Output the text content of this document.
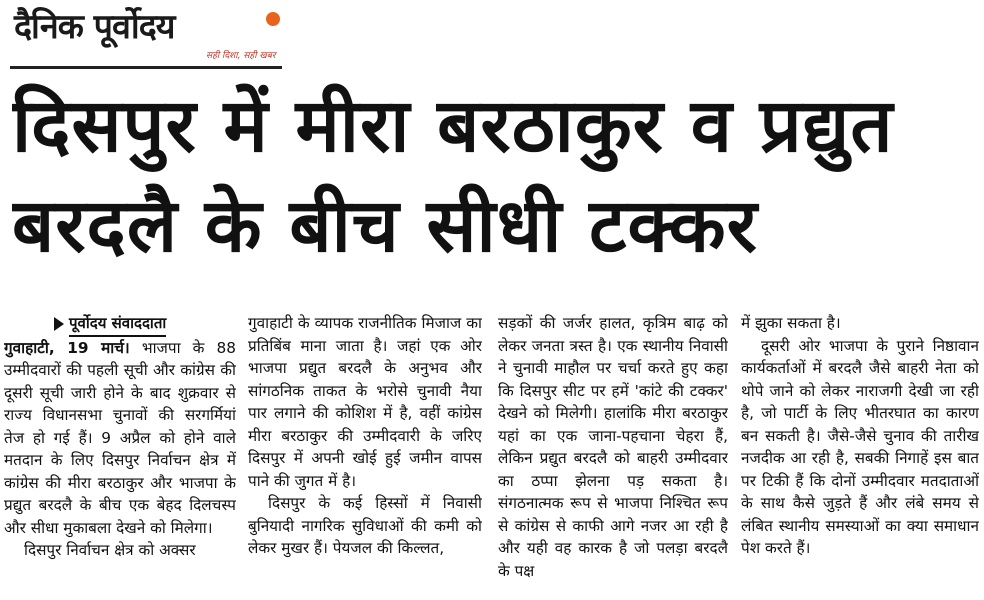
दैनिक पूर्वोदय
सही दिशा, सही खबर
दिसपुर में मीरा बरठाकुर व प्रद्युत
बरदलै के बीच सीधी टक्कर
पूर्वोदय संवाददाता

गुवाहाटी, 19 मार्च। भाजपा के 88 उम्मीदवारों की पहली सूची और कांग्रेस की दूसरी सूची जारी होने के बाद शुक्रवार से राज्य विधानसभा चुनावों की सरगर्मियां तेज हो गई हैं। 9 अप्रैल को होने वाले मतदान के लिए दिसपुर निर्वाचन क्षेत्र में कांग्रेस की मीरा बरठाकुर और भाजपा के प्रद्युत बरदलै के बीच एक बेहद दिलचस्प और सीधा मुकाबला देखने को मिलेगा।

दिसपुर निर्वाचन क्षेत्र को अक्सर

गुवाहाटी के व्यापक राजनीतिक मिजाज का प्रतिबिंब माना जाता है। जहां एक ओर भाजपा प्रद्युत बरदलै के अनुभव और सांगठनिक ताकत के भरोसे चुनावी नैया पार लगाने की कोशिश में है, वहीं कांग्रेस मीरा बरठाकुर की उम्मीदवारी के जरिए दिसपुर में अपनी खोई हुई जमीन वापस पाने की जुगत में है।

दिसपुर के कई हिस्सों में निवासी बुनियादी नागरिक सुविधाओं की कमी को लेकर मुखर हैं। पेयजल की किल्लत,

सड़कों की जर्जर हालत, कृत्रिम बाढ़ को लेकर जनता त्रस्त है। एक स्थानीय निवासी ने चुनावी माहौल पर चर्चा करते हुए कहा कि दिसपुर सीट पर हमें 'कांटे की टक्कर' देखने को मिलेगी। हालांकि मीरा बरठाकुर यहां का एक जाना-पहचाना चेहरा हैं, लेकिन प्रद्युत बरदलै को बाहरी उम्मीदवार का ठप्पा झेलना पड़ सकता है। संगठनात्मक रूप से भाजपा निश्चित रूप से कांग्रेस से काफी आगे नजर आ रही है और यही वह कारक है जो पलड़ा बरदलै के पक्ष

में झुका सकता है।

दूसरी ओर भाजपा के पुराने निष्ठावान कार्यकर्ताओं में बरदलै जैसे बाहरी नेता को थोपे जाने को लेकर नाराजगी देखी जा रही है, जो पार्टी के लिए भीतरघात का कारण बन सकती है। जैसे-जैसे चुनाव की तारीख नजदीक आ रही है, सबकी निगाहें इस बात पर टिकी हैं कि दोनों उम्मीदवार मतदाताओं के साथ कैसे जुड़ते हैं और लंबे समय से लंबित स्थानीय समस्याओं का क्या समाधान पेश करते हैं।
